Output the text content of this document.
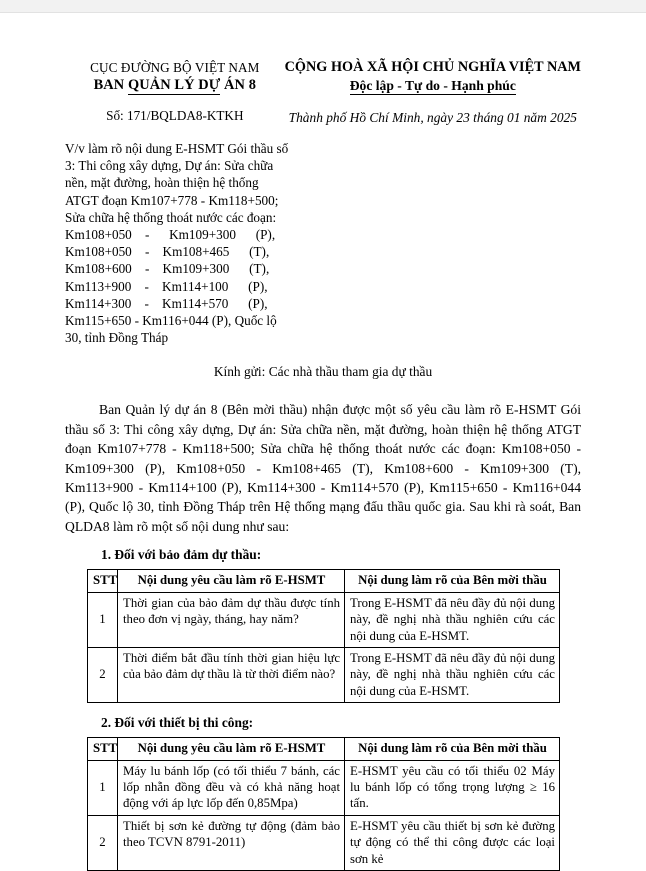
CỤC ĐƯỜNG BỘ VIỆT NAM
BAN QUẢN LÝ DỰ ÁN 8
Số: 171/BQLDA8-KTKH
CỘNG HOÀ XÃ HỘI CHỦ NGHĨA VIỆT NAM
Độc lập - Tự do - Hạnh phúc
Thành phố Hồ Chí Minh, ngày 23 tháng 01 năm 2025
V/v làm rõ nội dung E-HSMT Gói thầu số
3: Thi công xây dựng, Dự án: Sửa chữa
nền, mặt đường, hoàn thiện hệ thống
ATGT đoạn Km107+778 - Km118+500;
Sửa chữa hệ thống thoát nước các đoạn:
Km108+050    -      Km109+300      (P),
Km108+050    -    Km108+465      (T),
Km108+600    -    Km109+300      (T),
Km113+900    -    Km114+100      (P),
Km114+300    -    Km114+570      (P),
Km115+650 - Km116+044 (P), Quốc lộ
30, tỉnh Đồng Tháp
Kính gửi: Các nhà thầu tham gia dự thầu
Ban Quản lý dự án 8 (Bên mời thầu) nhận được một số yêu cầu làm rõ E-HSMT Gói thầu số 3: Thi công xây dựng, Dự án: Sửa chữa nền, mặt đường, hoàn thiện hệ thống ATGT đoạn Km107+778 - Km118+500; Sửa chữa hệ thống thoát nước các đoạn: Km108+050 - Km109+300 (P), Km108+050 - Km108+465 (T), Km108+600 - Km109+300 (T), Km113+900 - Km114+100 (P), Km114+300 - Km114+570 (P), Km115+650 - Km116+044 (P), Quốc lộ 30, tỉnh Đồng Tháp trên Hệ thống mạng đấu thầu quốc gia. Sau khi rà soát, Ban QLDA8 làm rõ một số nội dung như sau:
1. Đối với bảo đảm dự thầu:
STT	Nội dung yêu cầu làm rõ E-HSMT	Nội dung làm rõ của Bên mời thầu
1	Thời gian của bảo đảm dự thầu được tính theo đơn vị ngày, tháng, hay năm?	Trong E-HSMT đã nêu đầy đủ nội dung này, đề nghị nhà thầu nghiên cứu các nội dung của E-HSMT.
2	Thời điểm bắt đầu tính thời gian hiệu lực của bảo đảm dự thầu là từ thời điểm nào?	Trong E-HSMT đã nêu đầy đủ nội dung này, đề nghị nhà thầu nghiên cứu các nội dung của E-HSMT.
2. Đối với thiết bị thi công:
STT	Nội dung yêu cầu làm rõ E-HSMT	Nội dung làm rõ của Bên mời thầu
1	Máy lu bánh lốp (có tối thiểu 7 bánh, các lốp nhẵn đồng đều và có khả năng hoạt động với áp lực lốp đến 0,85Mpa)	E-HSMT yêu cầu có tối thiểu 02 Máy lu bánh lốp có tổng trọng lượng ≥ 16 tấn.
2	Thiết bị sơn kẻ đường tự động (đảm bảo theo TCVN 8791-2011)	E-HSMT yêu cầu thiết bị sơn kẻ đường tự động có thể thi công được các loại sơn kẻ
